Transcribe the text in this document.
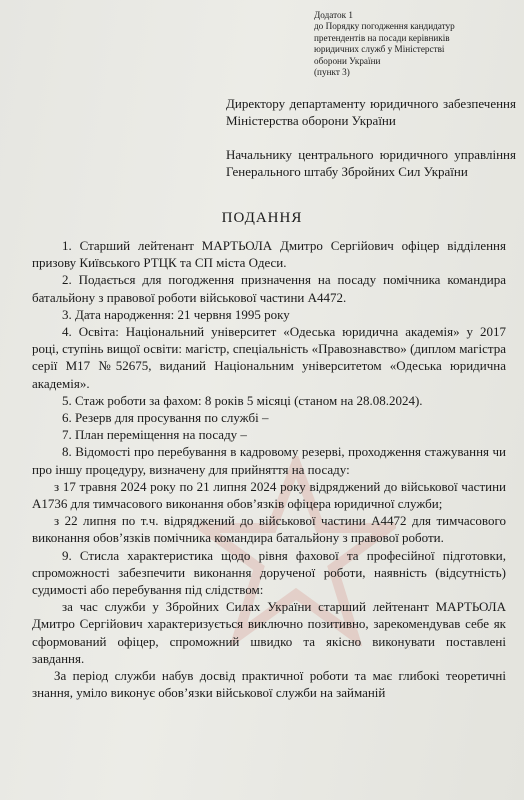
Додаток 1
до Порядку погодження кандидатур
претендентів на посади керівників
юридичних служб у Міністерстві
оборони України
(пункт 3)
Директору департаменту юридичного забезпечення Міністерства оборони України
Начальнику центрального юридичного управління Генерального штабу Збройних Сил України
ПОДАННЯ

1. Старший лейтенант МАРТЬОЛА Дмитро Сергійович офіцер відділення призову Київського РТЦК та СП міста Одеси.

2. Подається для погодження призначення на посаду помічника командира батальйону з правової роботи військової частини А4472.

3. Дата народження: 21 червня 1995 року

4. Освіта: Національний університет «Одеська юридична академія» у 2017 році, ступінь вищої освіти: магістр, спеціальність «Правознавство» (диплом магістра серії М17 №52675, виданий Національним університетом «Одеська юридична академія».

5. Стаж роботи за фахом: 8 років 5 місяці (станом на 28.08.2024).

6. Резерв для просування по службі –

7. План переміщення на посаду –

8. Відомості про перебування в кадровому резерві, проходження стажування чи про іншу процедуру, визначену для прийняття на посаду:

з 17 травня 2024 року по 21 липня 2024 року відряджений до військової частини А1736 для тимчасового виконання обов’язків офіцера юридичної служби;

з 22 липня по т.ч. відряджений до військової частини А4472 для тимчасового виконання обов’язків помічника командира батальйону з правової роботи.

9. Стисла характеристика щодо рівня фахової та професійної підготовки, спроможності забезпечити виконання дорученої роботи, наявність (відсутність) судимості або перебування під слідством:

за час служби у Збройних Силах України старший лейтенант МАРТЬОЛА Дмитро Сергійович характеризується виключно позитивно, зарекомендував себе як сформований офіцер, спроможний швидко та якісно виконувати поставлені завдання.

За період служби набув досвід практичної роботи та має глибокі теоретичні знання, уміло виконує обов’язки військової служби на займаній
